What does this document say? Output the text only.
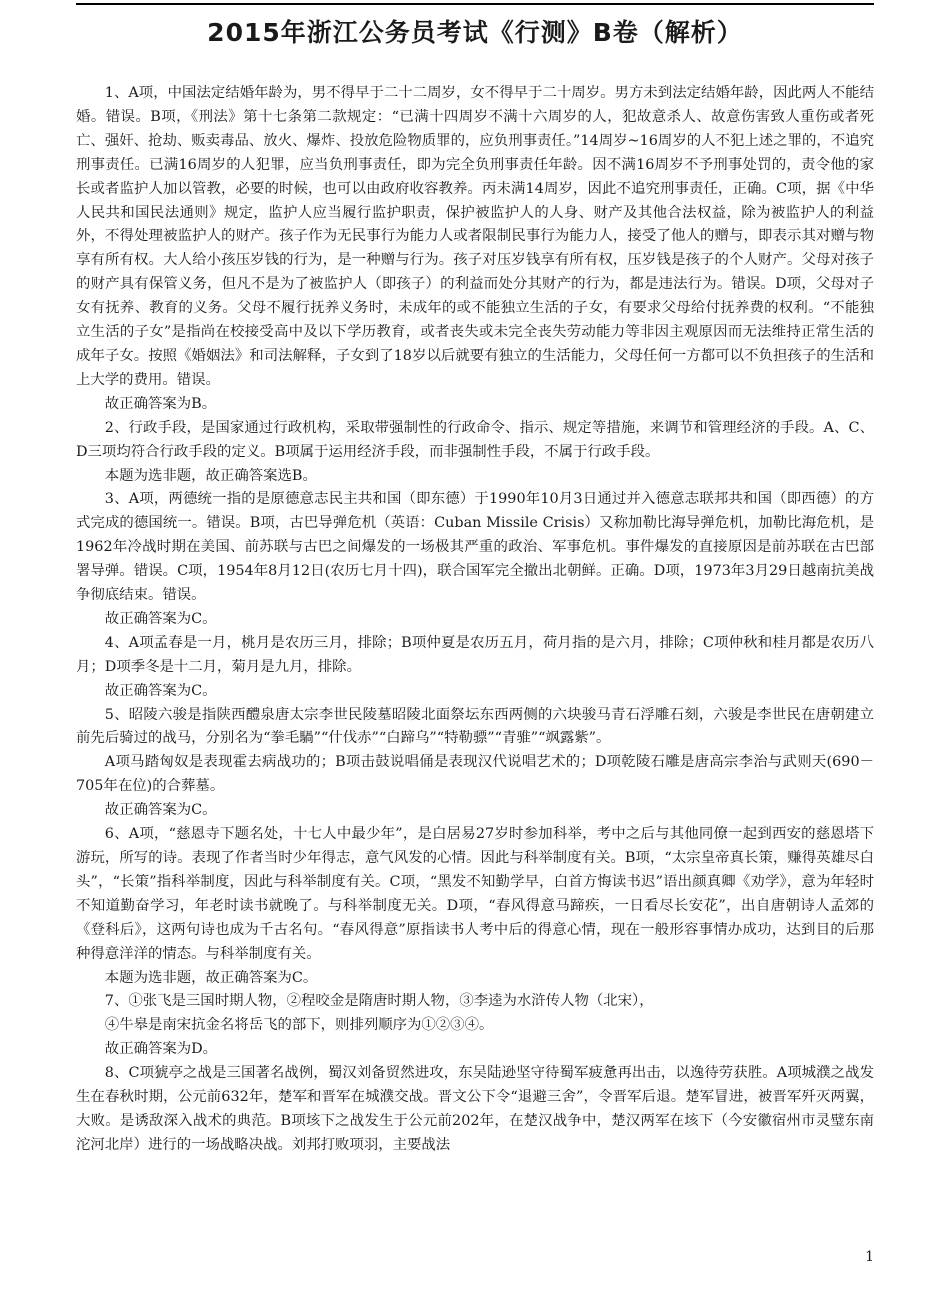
2015年浙江公务员考试《行测》B卷（解析）

1、A项，中国法定结婚年龄为，男不得早于二十二周岁，女不得早于二十周岁。男方未到法定结婚年龄，因此两人不能结婚。错误。B项，《刑法》第十七条第二款规定：“已满十四周岁不满十六周岁的人，犯故意杀人、故意伤害致人重伤或者死亡、强奸、抢劫、贩卖毒品、放火、爆炸、投放危险物质罪的，应负刑事责任。”14周岁~16周岁的人不犯上述之罪的，不追究刑事责任。已满16周岁的人犯罪，应当负刑事责任，即为完全负刑事责任年龄。因不满16周岁不予刑事处罚的，责令他的家长或者监护人加以管教，必要的时候，也可以由政府收容教养。丙未满14周岁，因此不追究刑事责任，正确。C项，据《中华人民共和国民法通则》规定，监护人应当履行监护职责，保护被监护人的人身、财产及其他合法权益，除为被监护人的利益外，不得处理被监护人的财产。孩子作为无民事行为能力人或者限制民事行为能力人，接受了他人的赠与，即表示其对赠与物享有所有权。大人给小孩压岁钱的行为，是一种赠与行为。孩子对压岁钱享有所有权，压岁钱是孩子的个人财产。父母对孩子的财产具有保管义务，但凡不是为了被监护人（即孩子）的利益而处分其财产的行为，都是违法行为。错误。D项，父母对子女有抚养、教育的义务。父母不履行抚养义务时，未成年的或不能独立生活的子女，有要求父母给付抚养费的权利。“不能独立生活的子女”是指尚在校接受高中及以下学历教育，或者丧失或未完全丧失劳动能力等非因主观原因而无法维持正常生活的成年子女。按照《婚姻法》和司法解释，子女到了18岁以后就要有独立的生活能力，父母任何一方都可以不负担孩子的生活和上大学的费用。错误。

故正确答案为B。

2、行政手段，是国家通过行政机构，采取带强制性的行政命令、指示、规定等措施，来调节和管理经济的手段。A、C、D三项均符合行政手段的定义。B项属于运用经济手段，而非强制性手段，不属于行政手段。

本题为选非题，故正确答案选B。

3、A项，两德统一指的是原德意志民主共和国（即东德）于1990年10月3日通过并入德意志联邦共和国（即西德）的方式完成的德国统一。错误。B项，古巴导弹危机（英语：Cuban Missile Crisis）又称加勒比海导弹危机，加勒比海危机，是1962年冷战时期在美国、前苏联与古巴之间爆发的一场极其严重的政治、军事危机。事件爆发的直接原因是前苏联在古巴部署导弹。错误。C项，1954年8月12日(农历七月十四)，联合国军完全撤出北朝鲜。正确。D项，1973年3月29日越南抗美战争彻底结束。错误。

故正确答案为C。

4、A项孟春是一月，桃月是农历三月，排除；B项仲夏是农历五月，荷月指的是六月，排除；C项仲秋和桂月都是农历八月；D项季冬是十二月，菊月是九月，排除。

故正确答案为C。

5、昭陵六骏是指陕西醴泉唐太宗李世民陵墓昭陵北面祭坛东西两侧的六块骏马青石浮雕石刻，六骏是李世民在唐朝建立前先后骑过的战马，分别名为“拳毛騧”“什伐赤”“白蹄乌”“特勒骠”“青骓”“飒露紫”。

A项马踏匈奴是表现霍去病战功的；B项击鼓说唱俑是表现汉代说唱艺术的；D项乾陵石雕是唐高宗李治与武则天(690－705年在位)的合葬墓。

故正确答案为C。

6、A项，“慈恩寺下题名处，十七人中最少年”，是白居易27岁时参加科举，考中之后与其他同僚一起到西安的慈恩塔下游玩，所写的诗。表现了作者当时少年得志，意气风发的心情。因此与科举制度有关。B项，“太宗皇帝真长策，赚得英雄尽白头”，“长策”指科举制度，因此与科举制度有关。C项，“黑发不知勤学早，白首方悔读书迟”语出颜真卿《劝学》，意为年轻时不知道勤奋学习，年老时读书就晚了。与科举制度无关。D项，“春风得意马蹄疾，一日看尽长安花”，出自唐朝诗人孟郊的《登科后》，这两句诗也成为千古名句。“春风得意”原指读书人考中后的得意心情，现在一般形容事情办成功，达到目的后那种得意洋洋的情态。与科举制度有关。

本题为选非题，故正确答案为C。

7、①张飞是三国时期人物，②程咬金是隋唐时期人物，③李逵为水浒传人物（北宋），

④牛皋是南宋抗金名将岳飞的部下，则排列顺序为①②③④。

故正确答案为D。

8、C项猇亭之战是三国著名战例，蜀汉刘备贸然进攻，东吴陆逊坚守待蜀军疲惫再出击，以逸待劳获胜。A项城濮之战发生在春秋时期，公元前632年，楚军和晋军在城濮交战。晋文公下令“退避三舍”，令晋军后退。楚军冒进，被晋军歼灭两翼，大败。是诱敌深入战术的典范。B项垓下之战发生于公元前202年，在楚汉战争中，楚汉两军在垓下（今安徽宿州市灵璧东南沱河北岸）进行的一场战略决战。刘邦打败项羽，主要战法

1
